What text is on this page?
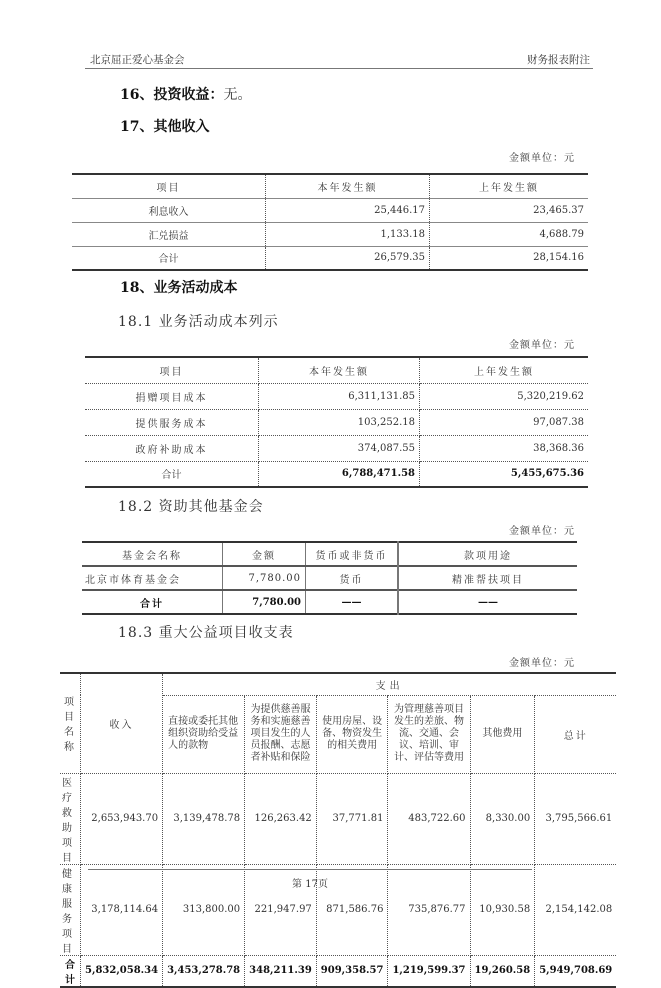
北京屈正爱心基金会	财务报表附注
16、投资收益：无。
17、其他收入
金额单位：元
项目	本年发生额	上年发生额
利息收入	25,446.17	23,465.37
汇兑损益	1,133.18	4,688.79
合计	26,579.35	28,154.16
18、业务活动成本
18.1 业务活动成本列示
金额单位：元
项目	本年发生额	上年发生额
捐赠项目成本	6,311,131.85	5,320,219.62
提供服务成本	103,252.18	97,087.38
政府补助成本	374,087.55	38,368.36
合计	6,788,471.58	5,455,675.36
18.2 资助其他基金会
金额单位：元
基金会名称	金额	货币或非货币	款项用途
北京市体育基金会	7,780.00	货币	精准帮扶项目
合计	7,780.00	——	——
18.3 重大公益项目收支表
金额单位：元
项目名称	收入	支出					
		直接或委托其他组织资助给受益人的款物	为提供慈善服务和实施慈善项目发生的人员报酬、志愿者补贴和保险	使用房屋、设备、物资发生的相关费用	为管理慈善项目发生的差旅、物流、交通、会议、培训、审计、评估等费用	其他费用	总计
医疗救助项目	2,653,943.70	3,139,478.78	126,263.42	37,771.81	483,722.60	8,330.00	3,795,566.61
健康服务项目	3,178,114.64	313,800.00	221,947.97	871,586.76	735,876.77	10,930.58	2,154,142.08
合计	5,832,058.34	3,453,278.78	348,211.39	909,358.57	1,219,599.37	19,260.58	5,949,708.69
第 17页
